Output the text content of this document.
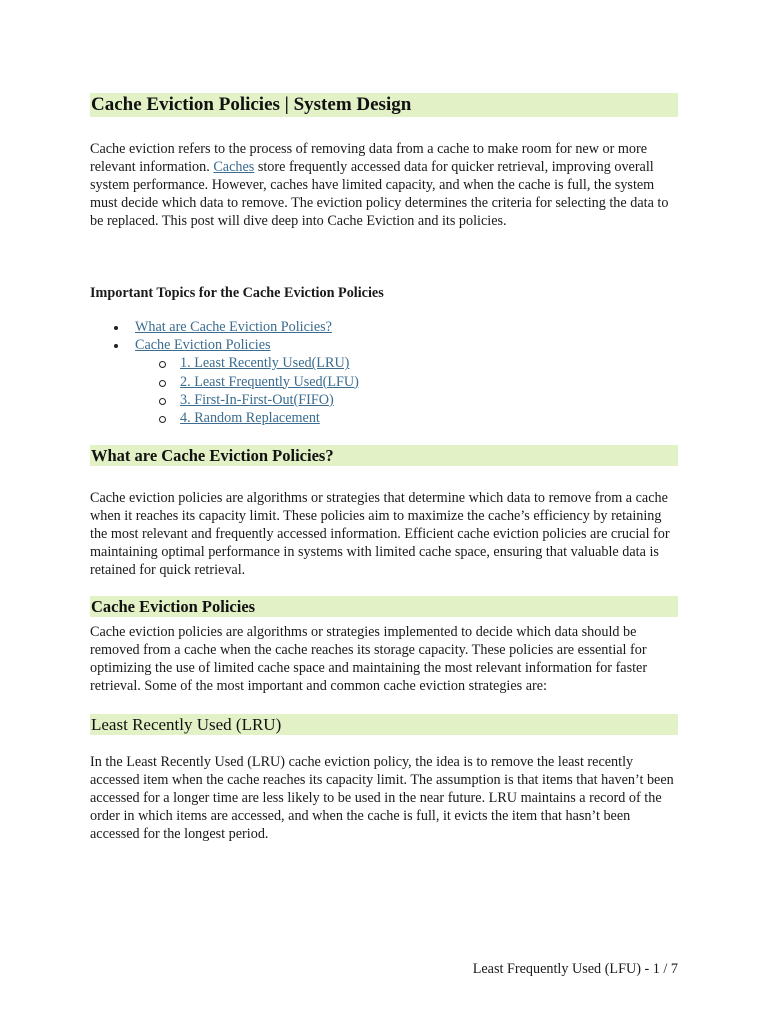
Cache Eviction Policies | System Design

Cache eviction refers to the process of removing data from a cache to make room for new or more relevant information. Caches store frequently accessed data for quicker retrieval, improving overall system performance. However, caches have limited capacity, and when the cache is full, the system must decide which data to remove. The eviction policy determines the criteria for selecting the data to be replaced. This post will dive deep into Cache Eviction and its policies.

Important Topics for the Cache Eviction Policies

What are Cache Eviction Policies?
Cache Eviction Policies
1. Least Recently Used(LRU)
2. Least Frequently Used(LFU)
3. First-In-First-Out(FIFO)
4. Random Replacement
What are Cache Eviction Policies?

Cache eviction policies are algorithms or strategies that determine which data to remove from a cache when it reaches its capacity limit. These policies aim to maximize the cache’s efficiency by retaining the most relevant and frequently accessed information. Efficient cache eviction policies are crucial for maintaining optimal performance in systems with limited cache space, ensuring that valuable data is retained for quick retrieval.

Cache Eviction Policies

Cache eviction policies are algorithms or strategies implemented to decide which data should be removed from a cache when the cache reaches its storage capacity. These policies are essential for optimizing the use of limited cache space and maintaining the most relevant information for faster retrieval. Some of the most important and common cache eviction strategies are:

Least Recently Used (LRU)

In the Least Recently Used (LRU) cache eviction policy, the idea is to remove the least recently accessed item when the cache reaches its capacity limit. The assumption is that items that haven’t been accessed for a longer time are less likely to be used in the near future. LRU maintains a record of the order in which items are accessed, and when the cache is full, it evicts the item that hasn’t been accessed for the longest period.

Least Frequently Used (LFU) - 1 / 7
